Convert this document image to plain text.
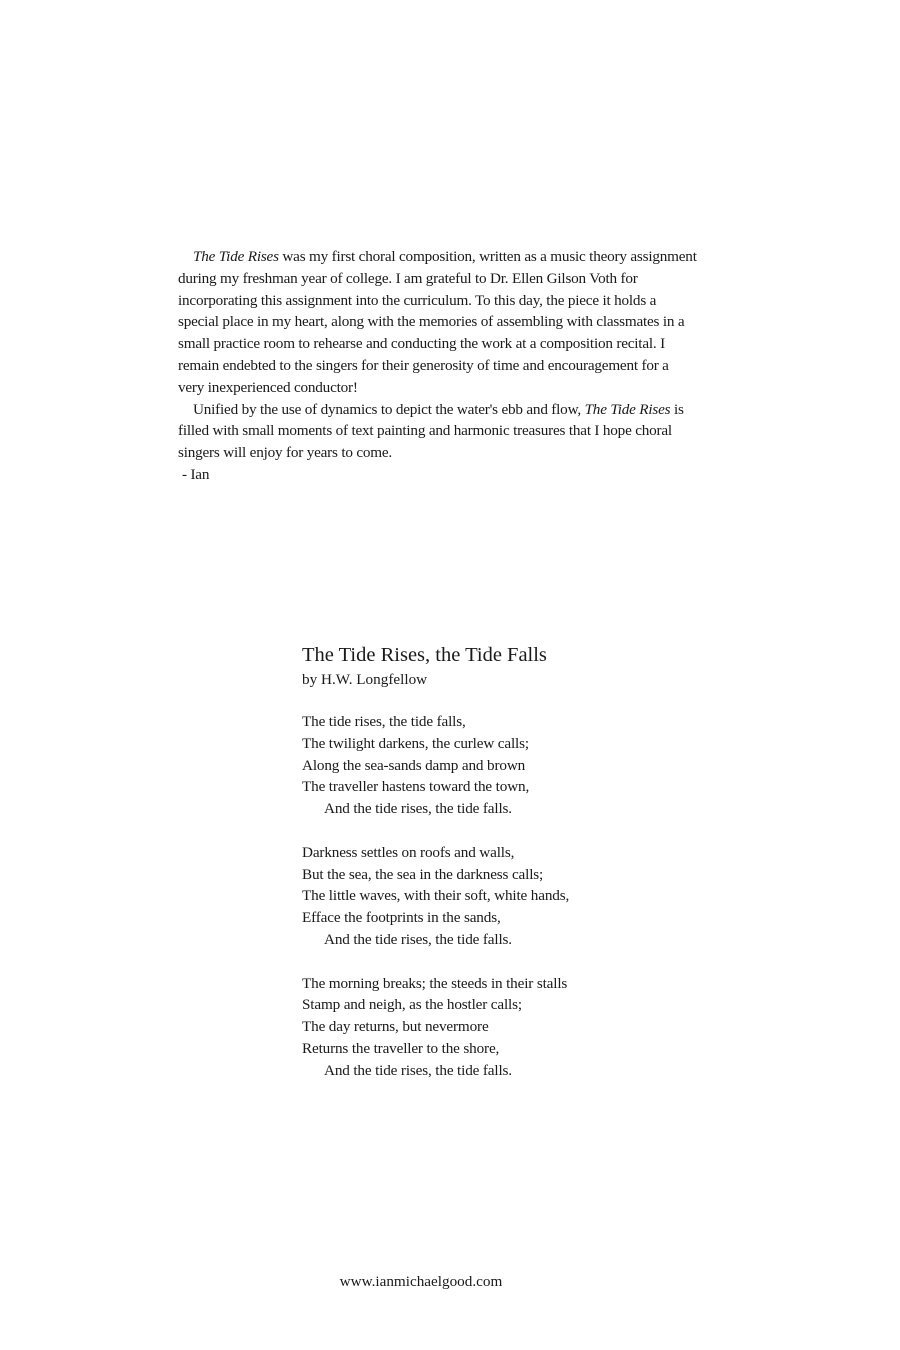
The Tide Rises was my first choral composition, written as a music theory assignment during my freshman year of college. I am grateful to Dr. Ellen Gilson Voth for incorporating this assignment into the curriculum. To this day, the piece it holds a special place in my heart, along with the memories of assembling with classmates in a small practice room to rehearse and conducting the work at a composition recital. I remain endebted to the singers for their generosity of time and encouragement for a very inexperienced conductor!

Unified by the use of dynamics to depict the water's ebb and flow, The Tide Rises is filled with small moments of text painting and harmonic treasures that I hope choral singers will enjoy for years to come.

- Ian

The Tide Rises, the Tide Falls
by H.W. Longfellow
The tide rises, the tide falls,
The twilight darkens, the curlew calls;
Along the sea-sands damp and brown
The traveller hastens toward the town,
And the tide rises, the tide falls.
Darkness settles on roofs and walls,
But the sea, the sea in the darkness calls;
The little waves, with their soft, white hands,
Efface the footprints in the sands,
And the tide rises, the tide falls.
The morning breaks; the steeds in their stalls
Stamp and neigh, as the hostler calls;
The day returns, but nevermore
Returns the traveller to the shore,
And the tide rises, the tide falls.
www.ianmichaelgood.com
